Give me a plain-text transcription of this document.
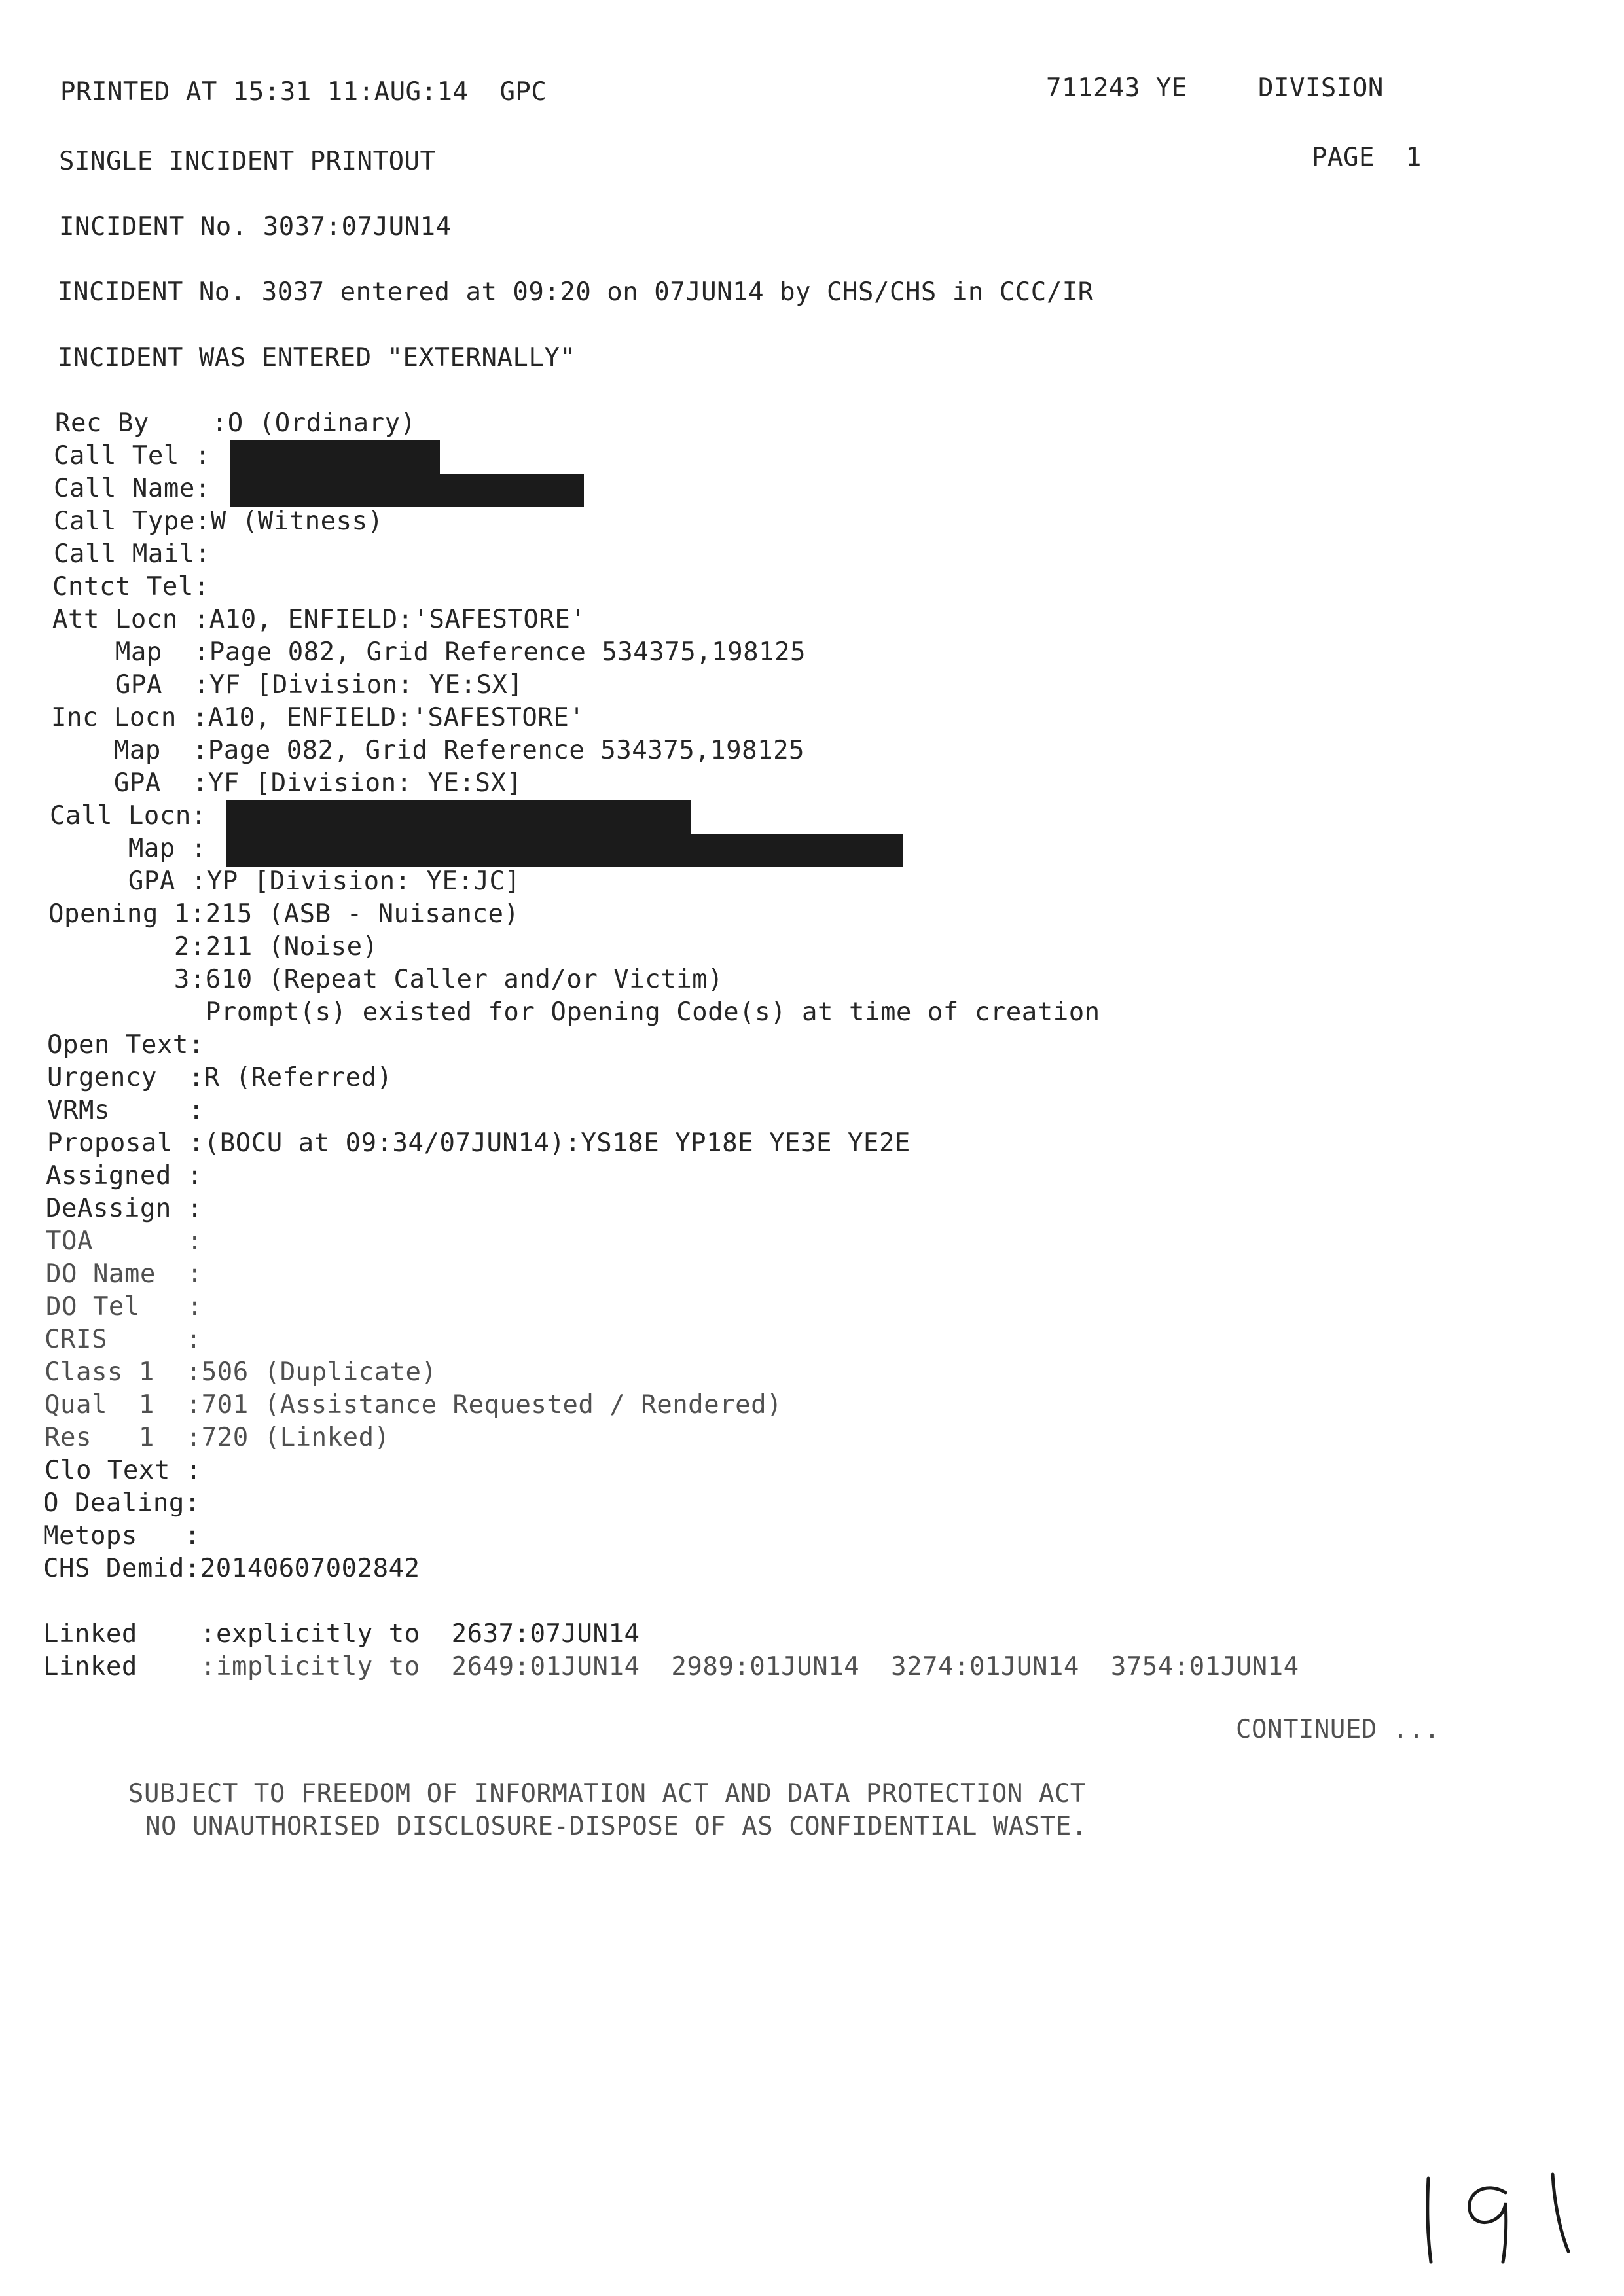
PRINTED AT 15:31 11:AUG:14  GPC	711243 YE	DIVISION
SINGLE INCIDENT PRINTOUT	PAGE  1
INCIDENT No. 3037:07JUN14
INCIDENT No. 3037 entered at 09:20 on 07JUN14 by CHS/CHS in CCC/IR
INCIDENT WAS ENTERED "EXTERNALLY"
Rec By    :O (Ordinary)
Call Tel :
Call Name:
Call Type:W (Witness)
Call Mail:
Cntct Tel:
Att Locn :A10, ENFIELD:'SAFESTORE'
Map  :Page 082, Grid Reference 534375,198125
GPA  :YF [Division: YE:SX]
Inc Locn :A10, ENFIELD:'SAFESTORE'
Map  :Page 082, Grid Reference 534375,198125
GPA  :YF [Division: YE:SX]
Call Locn:
Map :
GPA :YP [Division: YE:JC]
Opening 1:215 (ASB - Nuisance)
2:211 (Noise)
3:610 (Repeat Caller and/or Victim)
Prompt(s) existed for Opening Code(s) at time of creation
Open Text:
Urgency  :R (Referred)
VRMs     :
Proposal :(BOCU at 09:34/07JUN14):YS18E YP18E YE3E YE2E
Assigned :
DeAssign :
TOA      :
DO Name  :
DO Tel   :
CRIS     :
Class 1  :506 (Duplicate)
Qual  1  :701 (Assistance Requested / Rendered)
Res   1  :720 (Linked)
Clo Text :
O Dealing:
Metops   :
CHS Demid:20140607002842
Linked :explicitly to  2637:07JUN14
Linked :implicitly to  2649:01JUN14  2989:01JUN14  3274:01JUN14  3754:01JUN14
CONTINUED ...
SUBJECT TO FREEDOM OF INFORMATION ACT AND DATA PROTECTION ACT
NO UNAUTHORISED DISCLOSURE-DISPOSE OF AS CONFIDENTIAL WASTE.
